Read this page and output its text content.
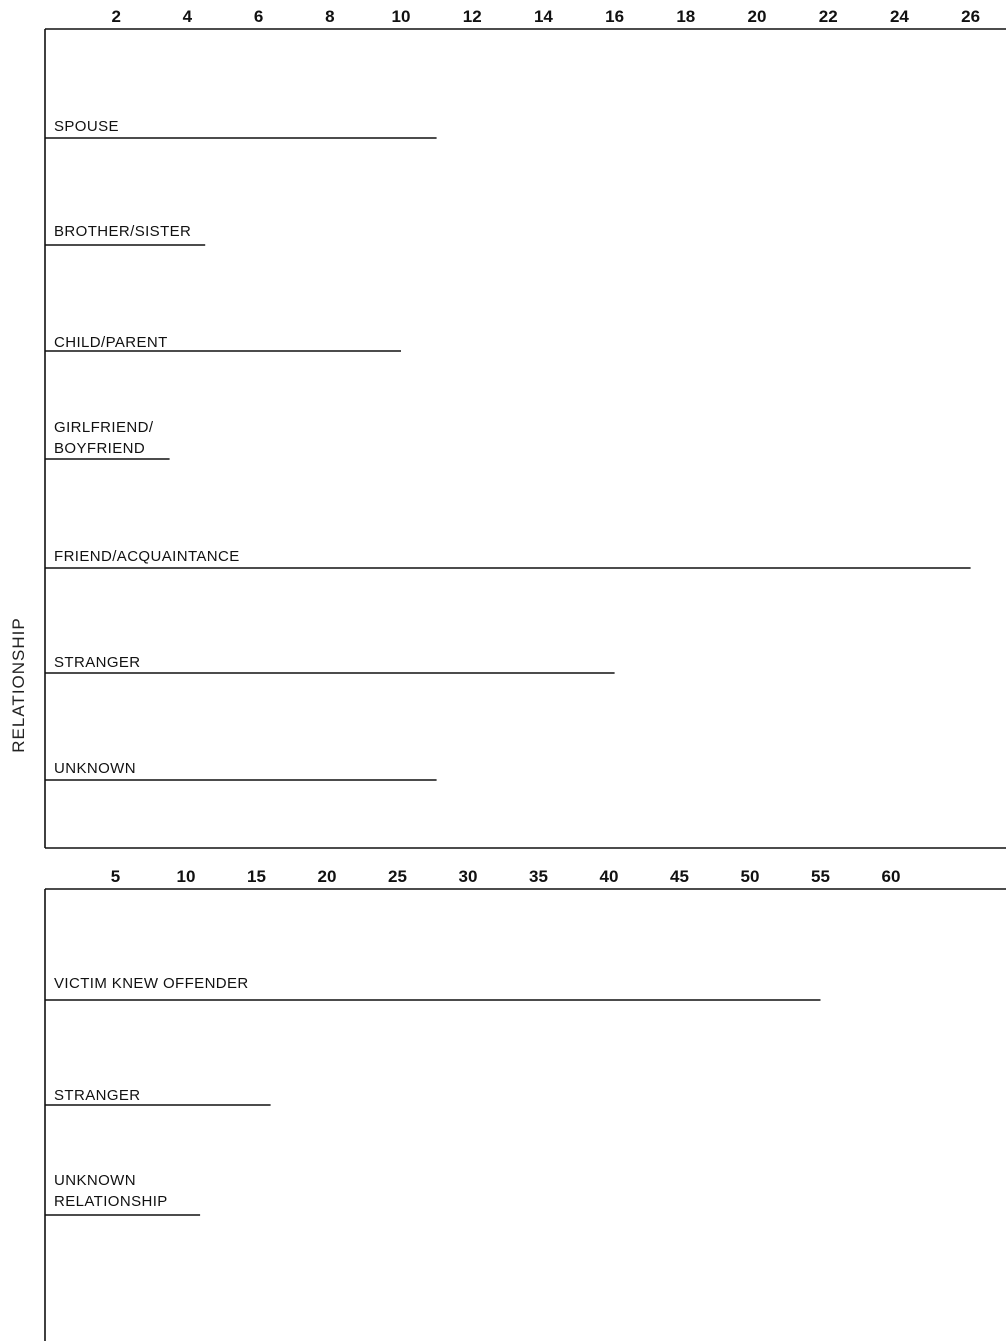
RELATIONSHIP
2	4	6	8	10	12	14	16	18	20	22	24	26
SPOUSE
BROTHER/SISTER
CHILD/PARENT
GIRLFRIEND/
BOYFRIEND
FRIEND/ACQUAINTANCE
STRANGER
UNKNOWN
5	10	15	20	25	30	35	40	45	50	55	60
VICTIM KNEW OFFENDER
STRANGER
UNKNOWN
RELATIONSHIP
